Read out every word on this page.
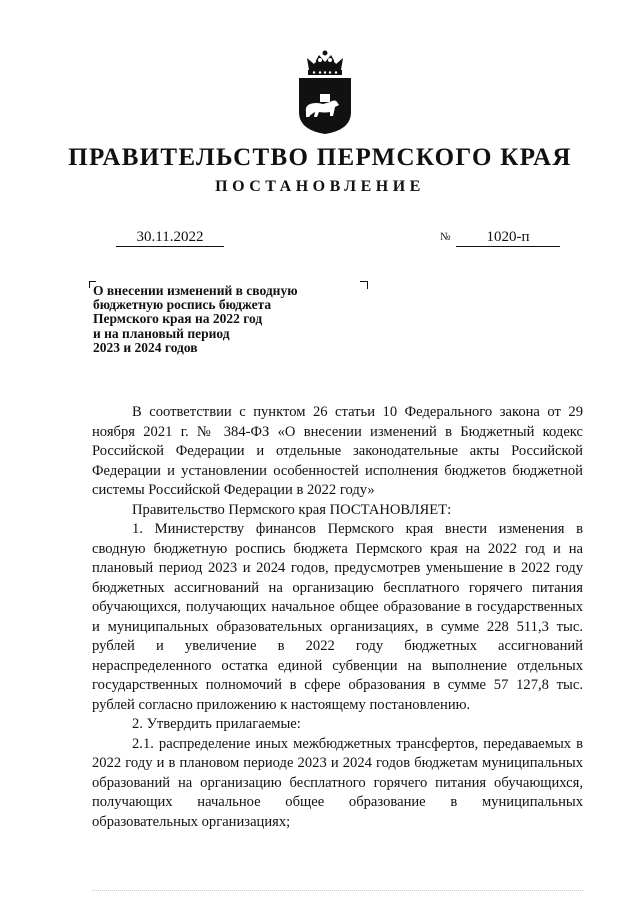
ПРАВИТЕЛЬСТВО ПЕРМСКОГО КРАЯ
ПОСТАНОВЛЕНИЕ
30.11.2022	№	1020-п
О внесении изменений в сводную
бюджетную роспись бюджета
Пермского края на 2022 год
и на плановый период
2023 и 2024 годов

В соответствии с пунктом 26 статьи 10 Федерального закона от 29 ноября 2021 г. № 384-ФЗ «О внесении изменений в Бюджетный кодекс Российской Федерации и отдельные законодательные акты Российской Федерации и установлении особенностей исполнения бюджетов бюджетной системы Российской Федерации в 2022 году»

Правительство Пермского края ПОСТАНОВЛЯЕТ:

1. Министерству финансов Пермского края внести изменения в сводную бюджетную роспись бюджета Пермского края на 2022 год и на плановый период 2023 и 2024 годов, предусмотрев уменьшение в 2022 году бюджетных ассигнований на организацию бесплатного горячего питания обучающихся, получающих начальное общее образование в государственных и муниципальных образовательных организациях, в сумме 228 511,3 тыс. рублей и увеличение в 2022 году бюджетных ассигнований нераспределенного остатка единой субвенции на выполнение отдельных государственных полномочий в сфере образования в сумме 57 127,8 тыс. рублей согласно приложению к настоящему постановлению.

2. Утвердить прилагаемые:

2.1. распределение иных межбюджетных трансфертов, передаваемых в 2022 году и в плановом периоде 2023 и 2024 годов бюджетам муниципальных образований на организацию бесплатного горячего питания обучающихся, получающих начальное общее образование в муниципальных образовательных организациях;
